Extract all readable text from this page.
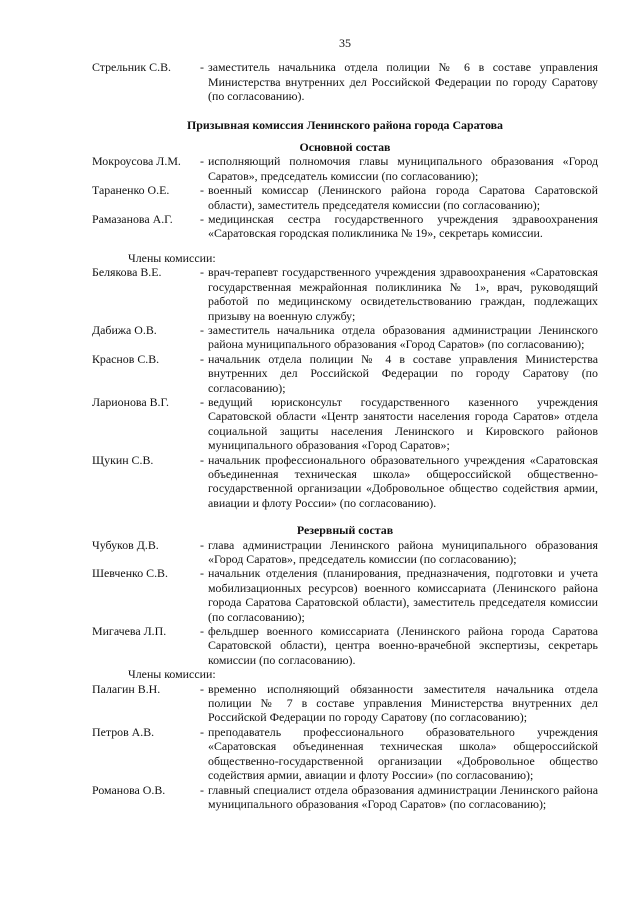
35
Стрельник С.В.	- заместитель начальника отдела полиции № 6 в составе управления Министерства внутренних дел Российской Федерации по городу Саратову (по согласованию).
Призывная комиссия Ленинского района города Саратова
Основной состав
Мокроусова Л.М.	- исполняющий полномочия главы муниципального образования «Город Саратов», председатель комиссии (по согласованию);
Тараненко О.Е.	- военный комиссар (Ленинского района города Саратова Саратовской области), заместитель председателя комиссии (по согласованию);
Рамазанова А.Г.	- медицинская сестра государственного учреждения здравоохранения «Саратовская городская поликлиника № 19», секретарь комиссии.
Члены комиссии:
Белякова В.Е.	- врач-терапевт государственного учреждения здравоохранения «Саратовская государственная межрайонная поликлиника № 1», врач, руководящий работой по медицинскому освидетельствованию граждан, подлежащих призыву на военную службу;
Дабижа О.В.	- заместитель начальника отдела образования администрации Ленинского района муниципального образования «Город Саратов» (по согласованию);
Краснов С.В.	- начальник отдела полиции № 4 в составе управления Министерства внутренних дел Российской Федерации по городу Саратову (по согласованию);
Ларионова В.Г.	- ведущий юрисконсульт государственного казенного учреждения Саратовской области «Центр занятости населения города Саратов» отдела социальной защиты населения Ленинского и Кировского районов муниципального образования «Город Саратов»;
Щукин С.В.	- начальник профессионального образовательного учреждения «Саратовская объединенная техническая школа» общероссийской общественно-государственной организации «Добровольное общество содействия армии, авиации и флоту России» (по согласованию).
Резервный состав
Чубуков Д.В.	- глава администрации Ленинского района муниципального образования «Город Саратов», председатель комиссии (по согласованию);
Шевченко С.В.	- начальник отделения (планирования, предназначения, подготовки и учета мобилизационных ресурсов) военного комиссариата (Ленинского района города Саратова Саратовской области), заместитель председателя комиссии (по согласованию);
Мигачева Л.П.	- фельдшер военного комиссариата (Ленинского района города Саратова Саратовской области), центра военно-врачебной экспертизы, секретарь комиссии (по согласованию).
Члены комиссии:
Палагин В.Н.	- временно исполняющий обязанности заместителя начальника отдела полиции № 7 в составе управления Министерства внутренних дел Российской Федерации по городу Саратову (по согласованию);
Петров А.В.	- преподаватель профессионального образовательного учреждения «Саратовская объединенная техническая школа» общероссийской общественно-государственной организации «Добровольное общество содействия армии, авиации и флоту России» (по согласованию);
Романова О.В.	- главный специалист отдела образования администрации Ленинского района муниципального образования «Город Саратов» (по согласованию);
